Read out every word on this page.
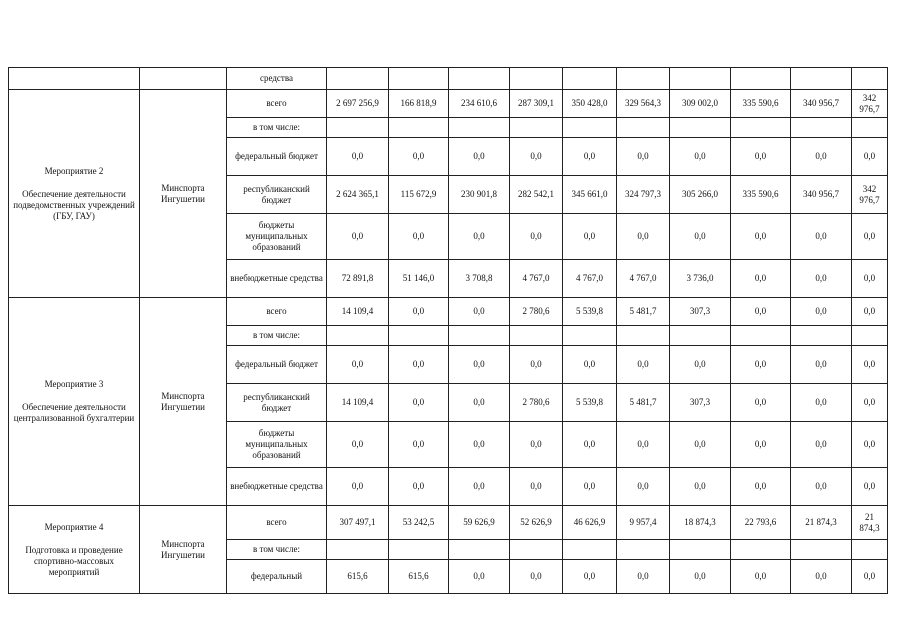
		средства										

Мероприятие 2
Обеспечение деятельности подведомственных учреждений (ГБУ, ГАУ)	Минспорта Ингушетии	всего	2 697 256,9	166 818,9	234 610,6	287 309,1	350 428,0	329 564,3	309 002,0	335 590,6	340 956,7	342 976,7
		в том числе:										
		федеральный бюджет	0,0	0,0	0,0	0,0	0,0	0,0	0,0	0,0	0,0	0,0
		республиканский бюджет	2 624 365,1	115 672,9	230 901,8	282 542,1	345 661,0	324 797,3	305 266,0	335 590,6	340 956,7	342 976,7
		бюджеты муниципальных образований	0,0	0,0	0,0	0,0	0,0	0,0	0,0	0,0	0,0	0,0
		внебюджетные средства	72 891,8	51 146,0	3 708,8	4 767,0	4 767,0	4 767,0	3 736,0	0,0	0,0	0,0

Мероприятие 3
Обеспечение деятельности централизованной бухгалтерии	Минспорта Ингушетии	всего	14 109,4	0,0	0,0	2 780,6	5 539,8	5 481,7	307,3	0,0	0,0	0,0
		в том числе:										
		федеральный бюджет	0,0	0,0	0,0	0,0	0,0	0,0	0,0	0,0	0,0	0,0
		республиканский бюджет	14 109,4	0,0	0,0	2 780,6	5 539,8	5 481,7	307,3	0,0	0,0	0,0
		бюджеты муниципальных образований	0,0	0,0	0,0	0,0	0,0	0,0	0,0	0,0	0,0	0,0
		внебюджетные средства	0,0	0,0	0,0	0,0	0,0	0,0	0,0	0,0	0,0	0,0

Мероприятие 4
Подготовка и проведение спортивно-массовых мероприятий	Минспорта Ингушетии	всего	307 497,1	53 242,5	59 626,9	52 626,9	46 626,9	9 957,4	18 874,3	22 793,6	21 874,3	21 874,3
		в том числе:										
		федеральный	615,6	615,6	0,0	0,0	0,0	0,0	0,0	0,0	0,0	0,0
